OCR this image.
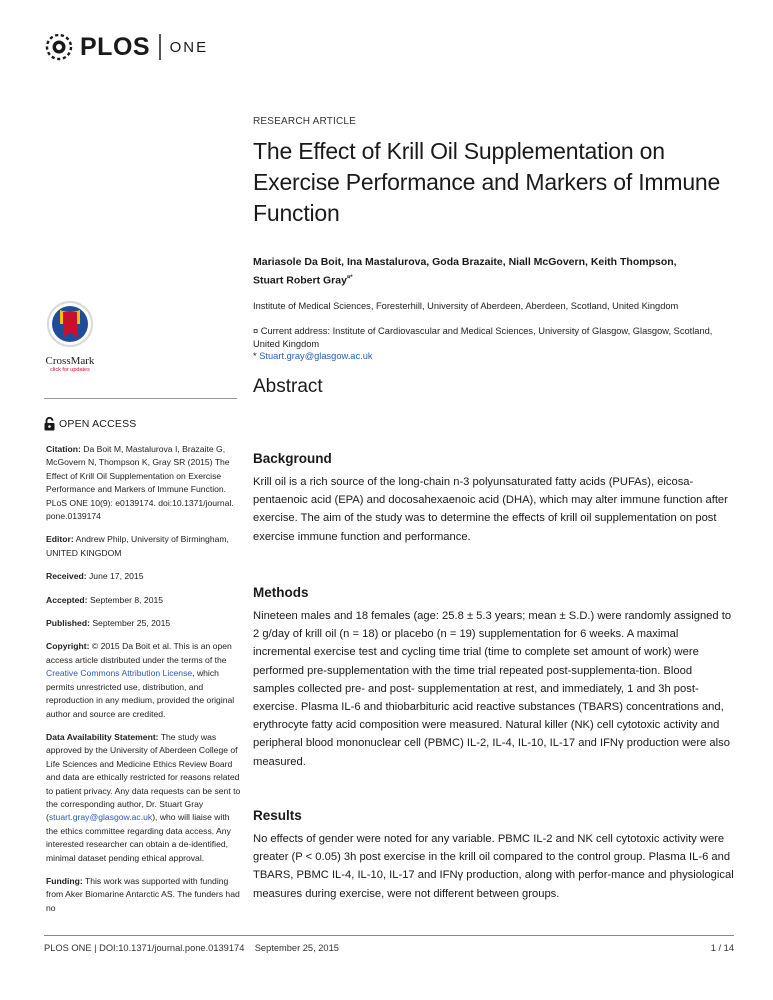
PLOS ONE
CrossMark
click for updates
OPEN ACCESS

Citation: Da Boit M, Mastalurova I, Brazaite G, McGovern N, Thompson K, Gray SR (2015) The Effect of Krill Oil Supplementation on Exercise Performance and Markers of Immune Function. PLoS ONE 10(9): e0139174. doi:10.1371/journal. pone.0139174

Editor: Andrew Philp, University of Birmingham, UNITED KINGDOM

Received: June 17, 2015

Accepted: September 8, 2015

Published: September 25, 2015

Copyright: © 2015 Da Boit et al. This is an open access article distributed under the terms of the Creative Commons Attribution License, which permits unrestricted use, distribution, and reproduction in any medium, provided the original author and source are credited.

Data Availability Statement: The study was approved by the University of Aberdeen College of Life Sciences and Medicine Ethics Review Board and data are ethically restricted for reasons related to patient privacy. Any data requests can be sent to the corresponding author, Dr. Stuart Gray (stuart.gray@glasgow.ac.uk), who will liaise with the ethics committee regarding data access. Any interested researcher can obtain a de-identified, minimal dataset pending ethical approval.

Funding: This work was supported with funding from Aker Biomarine Antarctic AS. The funders had no

RESEARCH ARTICLE
The Effect of Krill Oil Supplementation on Exercise Performance and Markers of Immune Function
Mariasole Da Boit, Ina Mastalurova, Goda Brazaite, Niall McGovern, Keith Thompson,
Stuart Robert Gray¤*
Institute of Medical Sciences, Foresterhill, University of Aberdeen, Aberdeen, Scotland, United Kingdom
¤ Current address: Institute of Cardiovascular and Medical Sciences, University of Glasgow, Glasgow, Scotland, United Kingdom
* Stuart.gray@glasgow.ac.uk
Abstract
Background

Krill oil is a rich source of the long-chain n-3 polyunsaturated fatty acids (PUFAs), eicosa-pentaenoic acid (EPA) and docosahexaenoic acid (DHA), which may alter immune function after exercise. The aim of the study was to determine the effects of krill oil supplementation on post exercise immune function and performance.

Methods

Nineteen males and 18 females (age: 25.8 ± 5.3 years; mean ± S.D.) were randomly assigned to 2 g/day of krill oil (n = 18) or placebo (n = 19) supplementation for 6 weeks. A maximal incremental exercise test and cycling time trial (time to complete set amount of work) were performed pre-supplementation with the time trial repeated post-supplementa-tion. Blood samples collected pre- and post- supplementation at rest, and immediately, 1 and 3h post-exercise. Plasma IL-6 and thiobarbituric acid reactive substances (TBARS) concentrations and, erythrocyte fatty acid composition were measured. Natural killer (NK) cell cytotoxic activity and peripheral blood mononuclear cell (PBMC) IL-2, IL-4, IL-10, IL-17 and IFNγ production were also measured.

Results

No effects of gender were noted for any variable. PBMC IL-2 and NK cell cytotoxic activity were greater (P < 0.05) 3h post exercise in the krill oil compared to the control group. Plasma IL-6 and TBARS, PBMC IL-4, IL-10, IL-17 and IFNγ production, along with perfor-mance and physiological measures during exercise, were not different between groups.

PLOS ONE | DOI:10.1371/journal.pone.0139174    September 25, 2015	1 / 14
